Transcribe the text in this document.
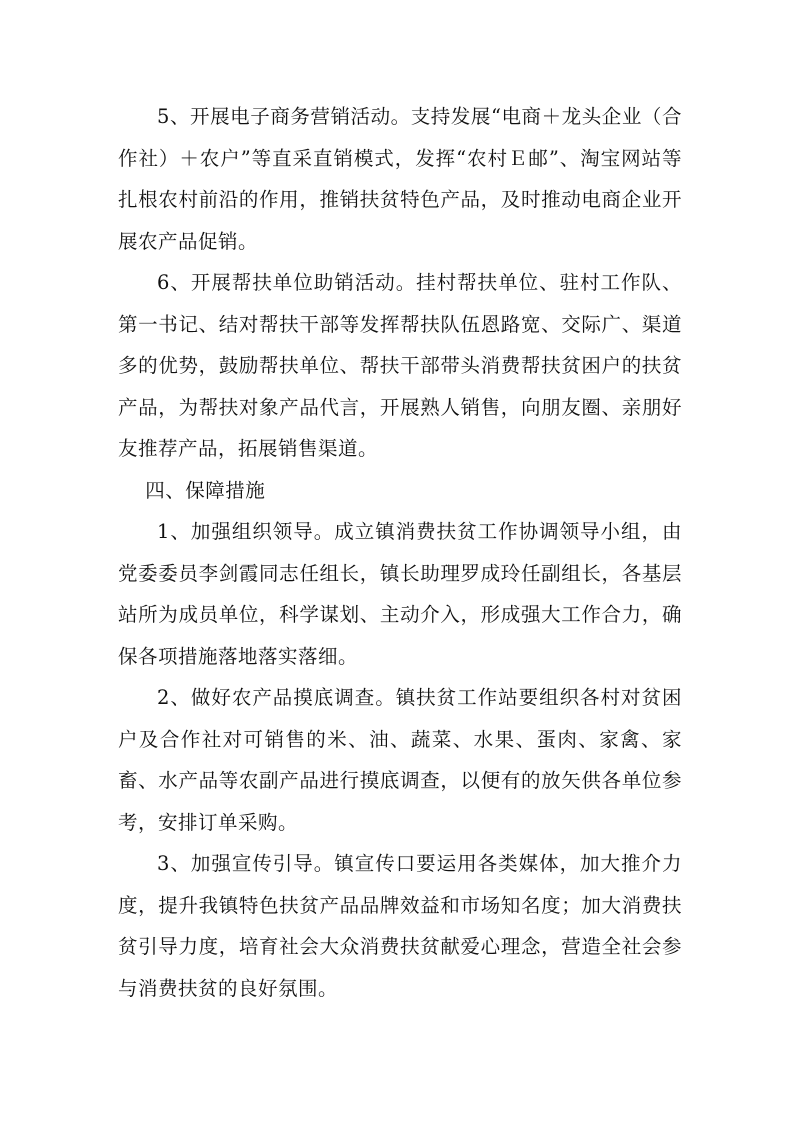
5、开展电子商务营销活动。支持发展“电商＋龙头企业（合作社）＋农户”等直采直销模式，发挥“农村Ｅ邮”、淘宝网站等扎根农村前沿的作用，推销扶贫特色产品，及时推动电商企业开展农产品促销。

6、开展帮扶单位助销活动。挂村帮扶单位、驻村工作队、第一书记、结对帮扶干部等发挥帮扶队伍恩路宽、交际广、渠道多的优势，鼓励帮扶单位、帮扶干部带头消费帮扶贫困户的扶贫产品，为帮扶对象产品代言，开展熟人销售，向朋友圈、亲朋好友推荐产品，拓展销售渠道。

四、保障措施

1、加强组织领导。成立镇消费扶贫工作协调领导小组，由党委委员李剑霞同志任组长，镇长助理罗成玲任副组长，各基层站所为成员单位，科学谋划、主动介入，形成强大工作合力，确保各项措施落地落实落细。

2、做好农产品摸底调查。镇扶贫工作站要组织各村对贫困户及合作社对可销售的米、油、蔬菜、水果、蛋肉、家禽、家畜、水产品等农副产品进行摸底调查，以便有的放矢供各单位参考，安排订单采购。

3、加强宣传引导。镇宣传口要运用各类媒体，加大推介力度，提升我镇特色扶贫产品品牌效益和市场知名度；加大消费扶贫引导力度，培育社会大众消费扶贫献爱心理念，营造全社会参与消费扶贫的良好氛围。
